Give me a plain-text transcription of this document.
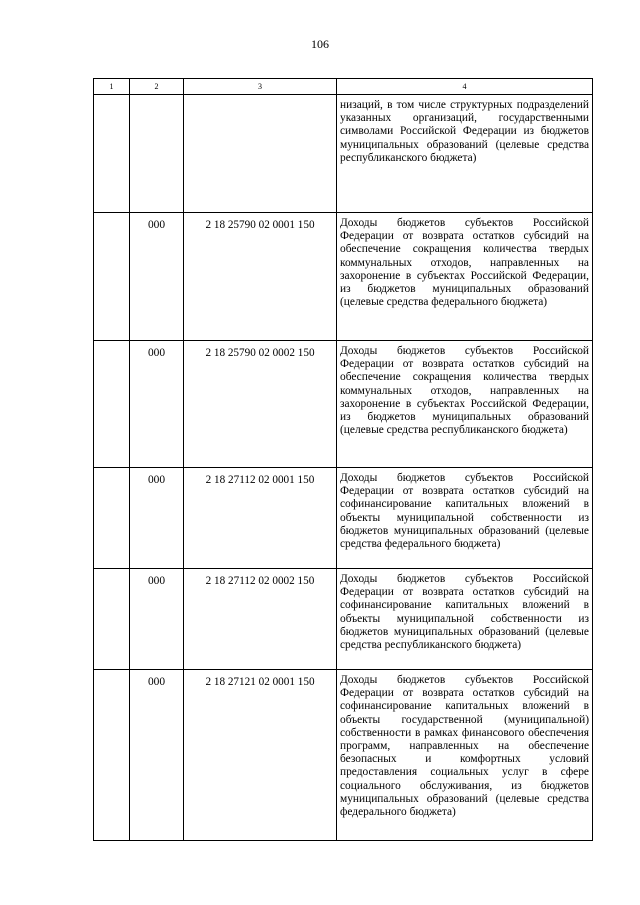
106
1	2	3	4
			низаций, в том числе структурных подразделений указанных организаций, государственными символами Российской Федерации из бюджетов муниципальных образований (целевые средства республиканского бюджета)
	000	2 18 25790 02 0001 150	Доходы бюджетов субъектов Российской Федерации от возврата остатков субсидий на обеспечение сокращения количества твердых коммунальных отходов, направленных на захоронение в субъектах Российской Федерации, из бюджетов муниципальных образований (целевые средства федерального бюджета)
	000	2 18 25790 02 0002 150	Доходы бюджетов субъектов Российской Федерации от возврата остатков субсидий на обеспечение сокращения количества твердых коммунальных отходов, направленных на захоронение в субъектах Российской Федерации, из бюджетов муниципальных образований (целевые средства республиканского бюджета)
	000	2 18 27112 02 0001 150	Доходы бюджетов субъектов Российской Федерации от возврата остатков субсидий на софинансирование капитальных вложений в объекты муниципальной собственности из бюджетов муниципальных образований (целевые средства федерального бюджета)
	000	2 18 27112 02 0002 150	Доходы бюджетов субъектов Российской Федерации от возврата остатков субсидий на софинансирование капитальных вложений в объекты муниципальной собственности из бюджетов муниципальных образований (целевые средства республиканского бюджета)
	000	2 18 27121 02 0001 150	Доходы бюджетов субъектов Российской Федерации от возврата остатков субсидий на софинансирование капитальных вложений в объекты государственной (муниципальной) собственности в рамках финансового обеспечения программ, направленных на обеспечение безопасных и комфортных условий предоставления социальных услуг в сфере социального обслуживания, из бюджетов муниципальных образований (целевые средства федерального бюджета)
